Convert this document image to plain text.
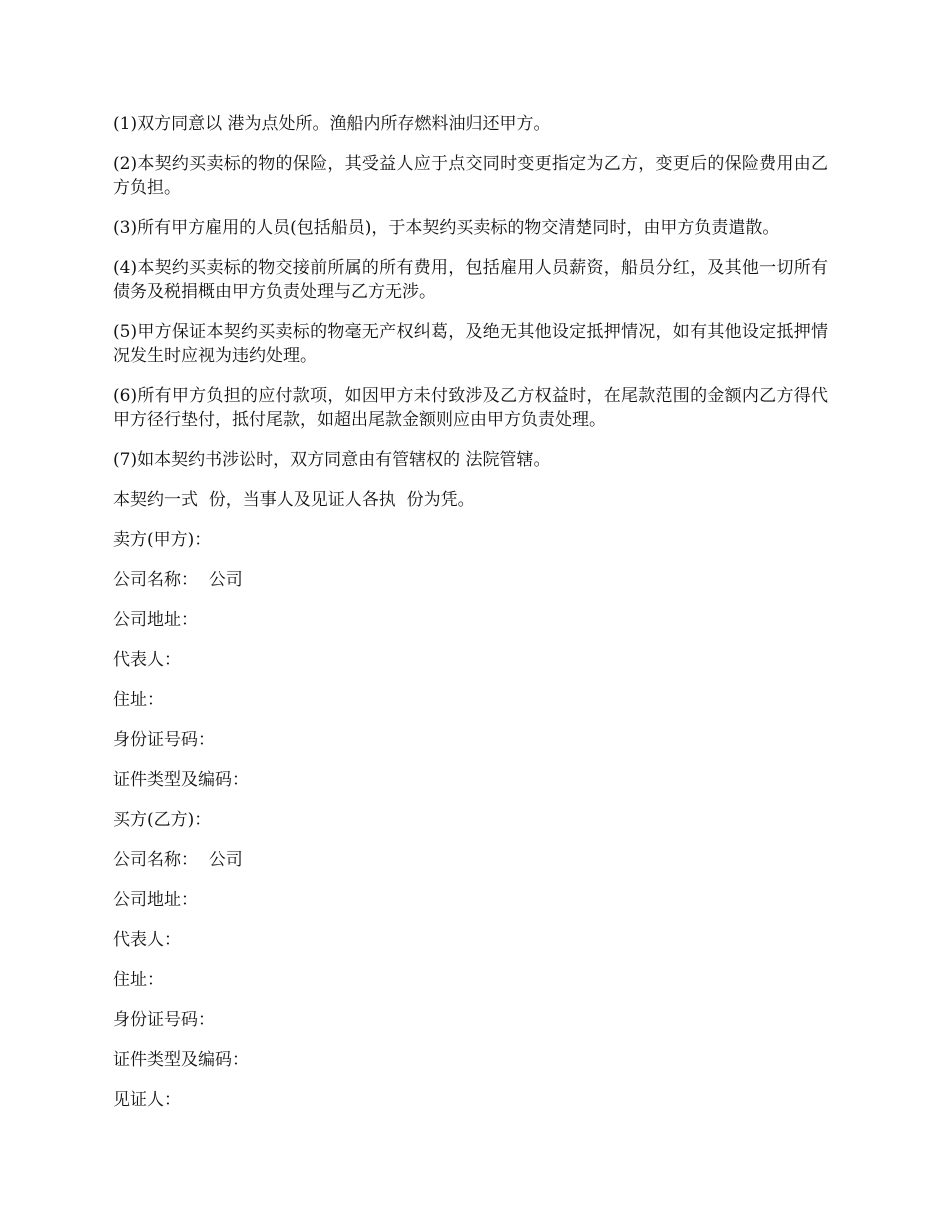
(1)双方同意以 港为点处所。渔船内所存燃料油归还甲方。

(2)本契约买卖标的物的保险，其受益人应于点交同时变更指定为乙方，变更后的保险费用由乙方负担。

(3)所有甲方雇用的人员(包括船员)，于本契约买卖标的物交清楚同时，由甲方负责遣散。

(4)本契约买卖标的物交接前所属的所有费用，包括雇用人员薪资，船员分红，及其他一切所有债务及税捐概由甲方负责处理与乙方无涉。

(5)甲方保证本契约买卖标的物毫无产权纠葛，及绝无其他设定抵押情况，如有其他设定抵押情况发生时应视为违约处理。

(6)所有甲方负担的应付款项，如因甲方未付致涉及乙方权益时，在尾款范围的金额内乙方得代甲方径行垫付，抵付尾款，如超出尾款金额则应由甲方负责处理。

(7)如本契约书涉讼时，双方同意由有管辖权的 法院管辖。

本契约一式  份，当事人及见证人各执  份为凭。

卖方(甲方)：

公司名称：  公司

公司地址：

代表人：

住址：

身份证号码：

证件类型及编码：

买方(乙方)：

公司名称：  公司

公司地址：

代表人：

住址：

身份证号码：

证件类型及编码：

见证人：
